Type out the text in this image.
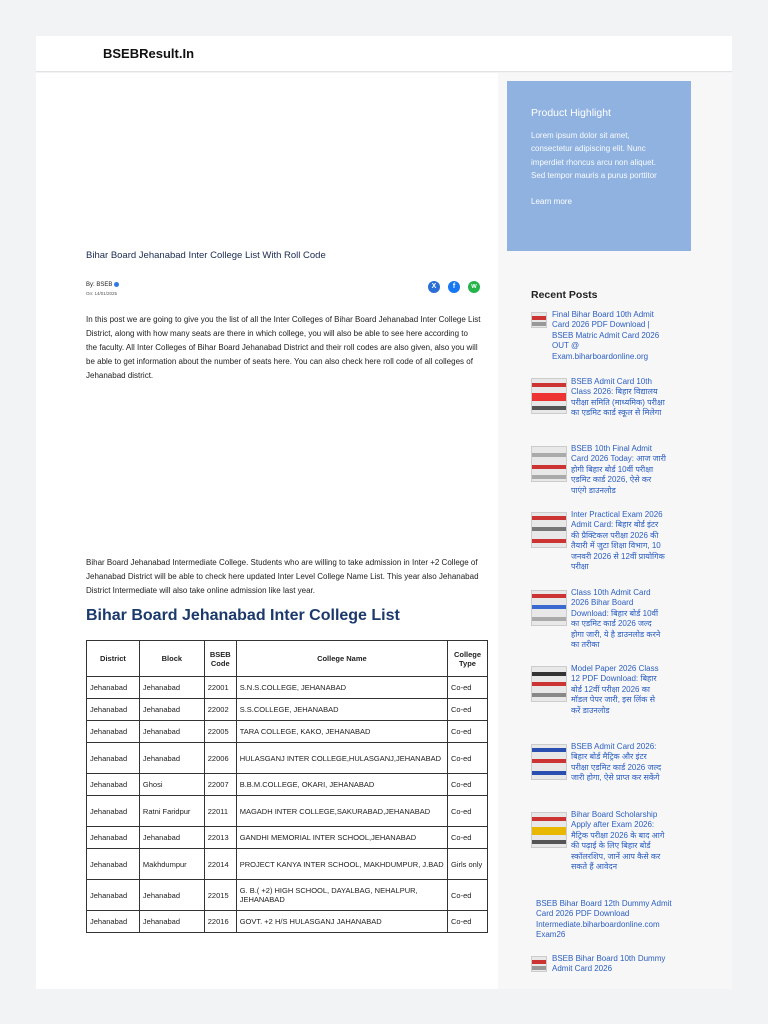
BSEBResult.In
Product Highlight

Lorem ipsum dolor sit amet, consectetur adipiscing elit. Nunc imperdiet rhoncus arcu non aliquet. Sed tempor mauris a purus porttitor

Learn more
Bihar Board Jehanabad Inter College List With Roll Code
By: BSEB
On: 14/01/2025
X	f	w
In this post we are going to give you the list of all the Inter Colleges of Bihar Board Jehanabad Inter College List District, along with how many seats are there in which college, you will also be able to see here according to the faculty. All Inter Colleges of Bihar Board Jehanabad District and their roll codes are also given, also you will be able to get information about the number of seats here. You can also check here roll code of all colleges of Jehanabad district.
Bihar Board Jehanabad Intermediate College. Students who are willing to take admission in Inter +2 College of Jehanabad District will be able to check here updated Inter Level College Name List. This year also Jehanabad District Intermediate will also take online admission like last year.
Bihar Board Jehanabad Inter College List
District	Block	BSEB Code	College Name	College Type
Jehanabad	Jehanabad	22001	S.N.S.COLLEGE, JEHANABAD	Co-ed
Jehanabad	Jehanabad	22002	S.S.COLLEGE, JEHANABAD	Co-ed
Jehanabad	Jehanabad	22005	TARA COLLEGE, KAKO, JEHANABAD	Co-ed
Jehanabad	Jehanabad	22006	HULASGANJ INTER COLLEGE,HULASGANJ,JEHANABAD	Co-ed
Jehanabad	Ghosi	22007	B.B.M.COLLEGE, OKARI, JEHANABAD	Co-ed
Jehanabad	Ratni Faridpur	22011	MAGADH INTER COLLEGE,SAKURABAD,JEHANABAD	Co-ed
Jehanabad	Jehanabad	22013	GANDHI MEMORIAL INTER SCHOOL,JEHANABAD	Co-ed
Jehanabad	Makhdumpur	22014	PROJECT KANYA INTER SCHOOL, MAKHDUMPUR, J.BAD	Girls only
Jehanabad	Jehanabad	22015	G. B.( +2) HIGH SCHOOL, DAYALBAG, NEHALPUR, JEHANABAD	Co-ed
Jehanabad	Jehanabad	22016	GOVT. +2 H/S HULASGANJ JAHANABAD	Co-ed
Recent Posts
Final Bihar Board 10th Admit Card 2026 PDF Download | BSEB Matric Admit Card 2026 OUT @ Exam.biharboardonline.org
BSEB Admit Card 10th Class 2026: बिहार विद्यालय परीक्षा समिति (माध्यमिक) परीक्षा का एडमिट कार्ड स्कूल से मिलेगा
BSEB 10th Final Admit Card 2026 Today: आज जारी होगी बिहार बोर्ड 10वीं परीक्षा एडमिट कार्ड 2026, ऐसे कर पाएंगे डाउनलोड
Inter Practical Exam 2026 Admit Card: बिहार बोर्ड इंटर की प्रैक्टिकल परीक्षा 2026 की तैयारी में जुटा शिक्षा विभाग, 10 जनवरी 2026 से 12वीं प्रायोगिक परीक्षा
Class 10th Admit Card 2026 Bihar Board Download: बिहार बोर्ड 10वीं का एडमिट कार्ड 2026 जल्द होगा जारी, ये है डाउनलोड करने का तरीका
Model Paper 2026 Class 12 PDF Download: बिहार बोर्ड 12वीं परीक्षा 2026 का मॉडल पेपर जारी, इस लिंक से करें डाउनलोड
BSEB Admit Card 2026: बिहार बोर्ड मैट्रिक और इंटर परीक्षा एडमिट कार्ड 2026 जल्द जारी होगा, ऐसे प्राप्त कर सकेंगे
Bihar Board Scholarship Apply after Exam 2026: मैट्रिक परीक्षा 2026 के बाद आगे की पढ़ाई के लिए बिहार बोर्ड स्कॉलरशिप, जानें आप कैसे कर सकते हैं आवेदन
BSEB Bihar Board 12th Dummy Admit Card 2026 PDF Download Intermediate.biharboardonline.com Exam26
BSEB Bihar Board 10th Dummy Admit Card 2026
